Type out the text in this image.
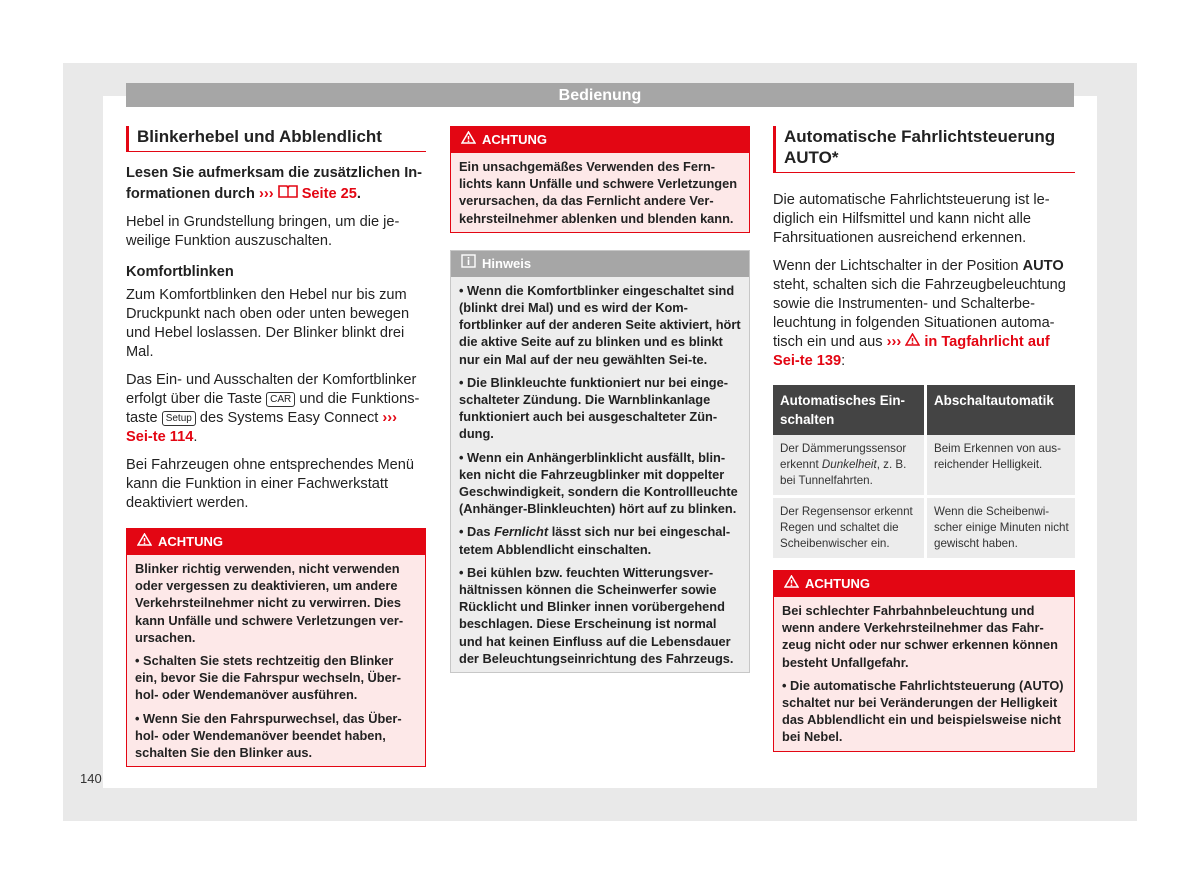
Bedienung
Blinkerhebel und Abblendlicht

Lesen Sie aufmerksam die zusätzlichen In-formationen durch ››› Seite 25.

Hebel in Grundstellung bringen, um die je-weilige Funktion auszuschalten.

Komfortblinken

Zum Komfortblinken den Hebel nur bis zum Druckpunkt nach oben oder unten bewegen und Hebel loslassen. Der Blinker blinkt drei Mal.

Das Ein- und Ausschalten der Komfortblinker erfolgt über die Taste CAR und die Funktions-taste Setup des Systems Easy Connect ››› Sei-te 114.

Bei Fahrzeugen ohne entsprechendes Menü kann die Funktion in einer Fachwerkstatt deaktiviert werden.

ACHTUNG
Blinker richtig verwenden, nicht verwenden oder vergessen zu deaktivieren, um andere Verkehrsteilnehmer nicht zu verwirren. Dies kann Unfälle und schwere Verletzungen ver-ursachen.
• Schalten Sie stets rechtzeitig den Blinker ein, bevor Sie die Fahrspur wechseln, Über-hol- oder Wendemanöver ausführen.
• Wenn Sie den Fahrspurwechsel, das Über-hol- oder Wendemanöver beendet haben, schalten Sie den Blinker aus.
ACHTUNG
Ein unsachgemäßes Verwenden des Fern-lichts kann Unfälle und schwere Verletzungen verursachen, da das Fernlicht andere Ver-kehrsteilnehmer ablenken und blenden kann.
Hinweis
• Wenn die Komfortblinker eingeschaltet sind (blinkt drei Mal) und es wird der Kom-fortblinker auf der anderen Seite aktiviert, hört die aktive Seite auf zu blinken und es blinkt nur ein Mal auf der neu gewählten Sei-te.
• Die Blinkleuchte funktioniert nur bei einge-schalteter Zündung. Die Warnblinkanlage funktioniert auch bei ausgeschalteter Zün-dung.
• Wenn ein Anhängerblinklicht ausfällt, blin-ken nicht die Fahrzeugblinker mit doppelter Geschwindigkeit, sondern die Kontrollleuchte (Anhänger-Blinkleuchten) hört auf zu blinken.
• Das Fernlicht lässt sich nur bei eingeschal-tetem Abblendlicht einschalten.
• Bei kühlen bzw. feuchten Witterungsver-hältnissen können die Scheinwerfer sowie Rücklicht und Blinker innen vorübergehend beschlagen. Diese Erscheinung ist normal und hat keinen Einfluss auf die Lebensdauer der Beleuchtungseinrichtung des Fahrzeugs.
Automatische Fahrlichtsteuerung
AUTO*

Die automatische Fahrlichtsteuerung ist le-diglich ein Hilfsmittel und kann nicht alle Fahrsituationen ausreichend erkennen.

Wenn der Lichtschalter in der Position AUTO steht, schalten sich die Fahrzeugbeleuchtung sowie die Instrumenten- und Schalterbe-leuchtung in folgenden Situationen automa-tisch ein und aus ››› in Tagfahrlicht auf Sei-te 139:

Automatisches Ein-schalten	Abschaltautomatik
Der Dämmerungssensor erkennt Dunkelheit, z. B. bei Tunnelfahrten.	Beim Erkennen von aus-reichender Helligkeit.
Der Regensensor erkennt Regen und schaltet die Scheibenwischer ein.	Wenn die Scheibenwi-scher einige Minuten nicht gewischt haben.
ACHTUNG
Bei schlechter Fahrbahnbeleuchtung und wenn andere Verkehrsteilnehmer das Fahr-zeug nicht oder nur schwer erkennen können besteht Unfallgefahr.
• Die automatische Fahrlichtsteuerung (AUTO) schaltet nur bei Veränderungen der Helligkeit das Abblendlicht ein und beispielsweise nicht bei Nebel.
140
